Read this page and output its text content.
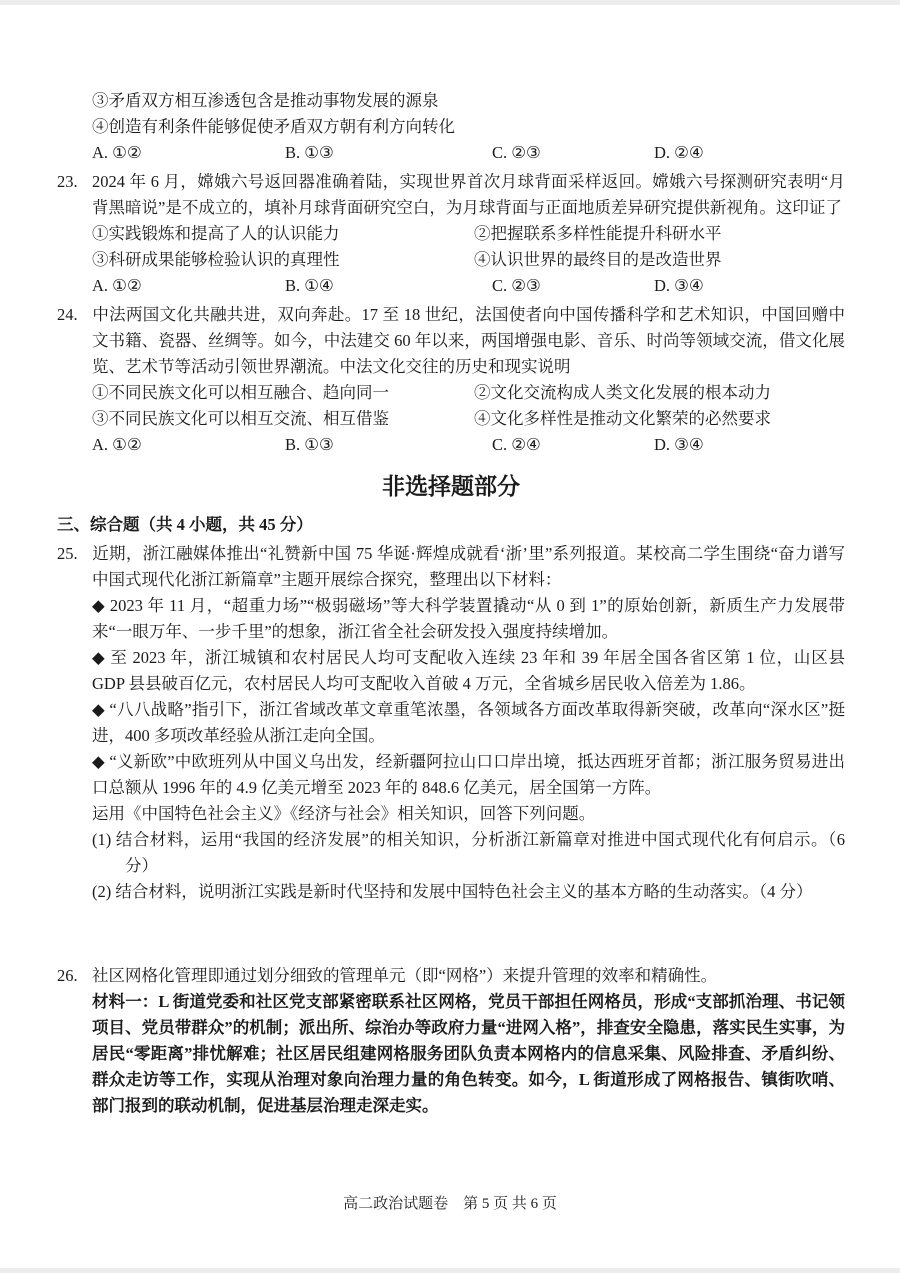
③矛盾双方相互渗透包含是推动事物发展的源泉

④创造有利条件能够促使矛盾双方朝有利方向转化

A. ①②	B. ①③	C. ②③	D. ②④

23. 2024 年 6 月，嫦娥六号返回器准确着陆，实现世界首次月球背面采样返回。嫦娥六号探测研究表明“月背黑暗说”是不成立的，填补月球背面研究空白，为月球背面与正面地质差异研究提供新视角。这印证了

①实践锻炼和提高了人的认识能力	②把握联系多样性能提升科研水平
③科研成果能够检验认识的真理性	④认识世界的最终目的是改造世界
A. ①②	B. ①④	C. ②③	D. ③④

24. 中法两国文化共融共进，双向奔赴。17 至 18 世纪，法国使者向中国传播科学和艺术知识，中国回赠中文书籍、瓷器、丝绸等。如今，中法建交 60 年以来，两国增强电影、音乐、时尚等领域交流，借文化展览、艺术节等活动引领世界潮流。中法文化交往的历史和现实说明

①不同民族文化可以相互融合、趋向同一	②文化交流构成人类文化发展的根本动力
③不同民族文化可以相互交流、相互借鉴	④文化多样性是推动文化繁荣的必然要求
A. ①②	B. ①③	C. ②④	D. ③④
非选择题部分

三、综合题（共 4 小题，共 45 分）

25. 近期，浙江融媒体推出“礼赞新中国 75 华诞·辉煌成就看‘浙’里”系列报道。某校高二学生围绕“奋力谱写中国式现代化浙江新篇章”主题开展综合探究，整理出以下材料：

◆ 2023 年 11 月，“超重力场”“极弱磁场”等大科学装置撬动“从 0 到 1”的原始创新，新质生产力发展带来“一眼万年、一步千里”的想象，浙江省全社会研发投入强度持续增加。

◆ 至 2023 年，浙江城镇和农村居民人均可支配收入连续 23 年和 39 年居全国各省区第 1 位，山区县 GDP 县县破百亿元，农村居民人均可支配收入首破 4 万元，全省城乡居民收入倍差为 1.86。

◆ “八八战略”指引下，浙江省域改革文章重笔浓墨，各领域各方面改革取得新突破，改革向“深水区”挺进，400 多项改革经验从浙江走向全国。

◆ “义新欧”中欧班列从中国义乌出发，经新疆阿拉山口口岸出境，抵达西班牙首都；浙江服务贸易进出口总额从 1996 年的 4.9 亿美元增至 2023 年的 848.6 亿美元，居全国第一方阵。

运用《中国特色社会主义》《经济与社会》相关知识，回答下列问题。

(1) 结合材料，运用“我国的经济发展”的相关知识，分析浙江新篇章对推进中国式现代化有何启示。（6 分）

(2) 结合材料，说明浙江实践是新时代坚持和发展中国特色社会主义的基本方略的生动落实。（4 分）

26. 社区网格化管理即通过划分细致的管理单元（即“网格”）来提升管理的效率和精确性。

材料一：L 街道党委和社区党支部紧密联系社区网格，党员干部担任网格员，形成“支部抓治理、书记领项目、党员带群众”的机制；派出所、综治办等政府力量“进网入格”，排查安全隐患，落实民生实事，为居民“零距离”排忧解难；社区居民组建网格服务团队负责本网格内的信息采集、风险排查、矛盾纠纷、群众走访等工作，实现从治理对象向治理力量的角色转变。如今，L 街道形成了网格报告、镇街吹哨、部门报到的联动机制，促进基层治理走深走实。

高二政治试题卷　第 5 页 共 6 页
